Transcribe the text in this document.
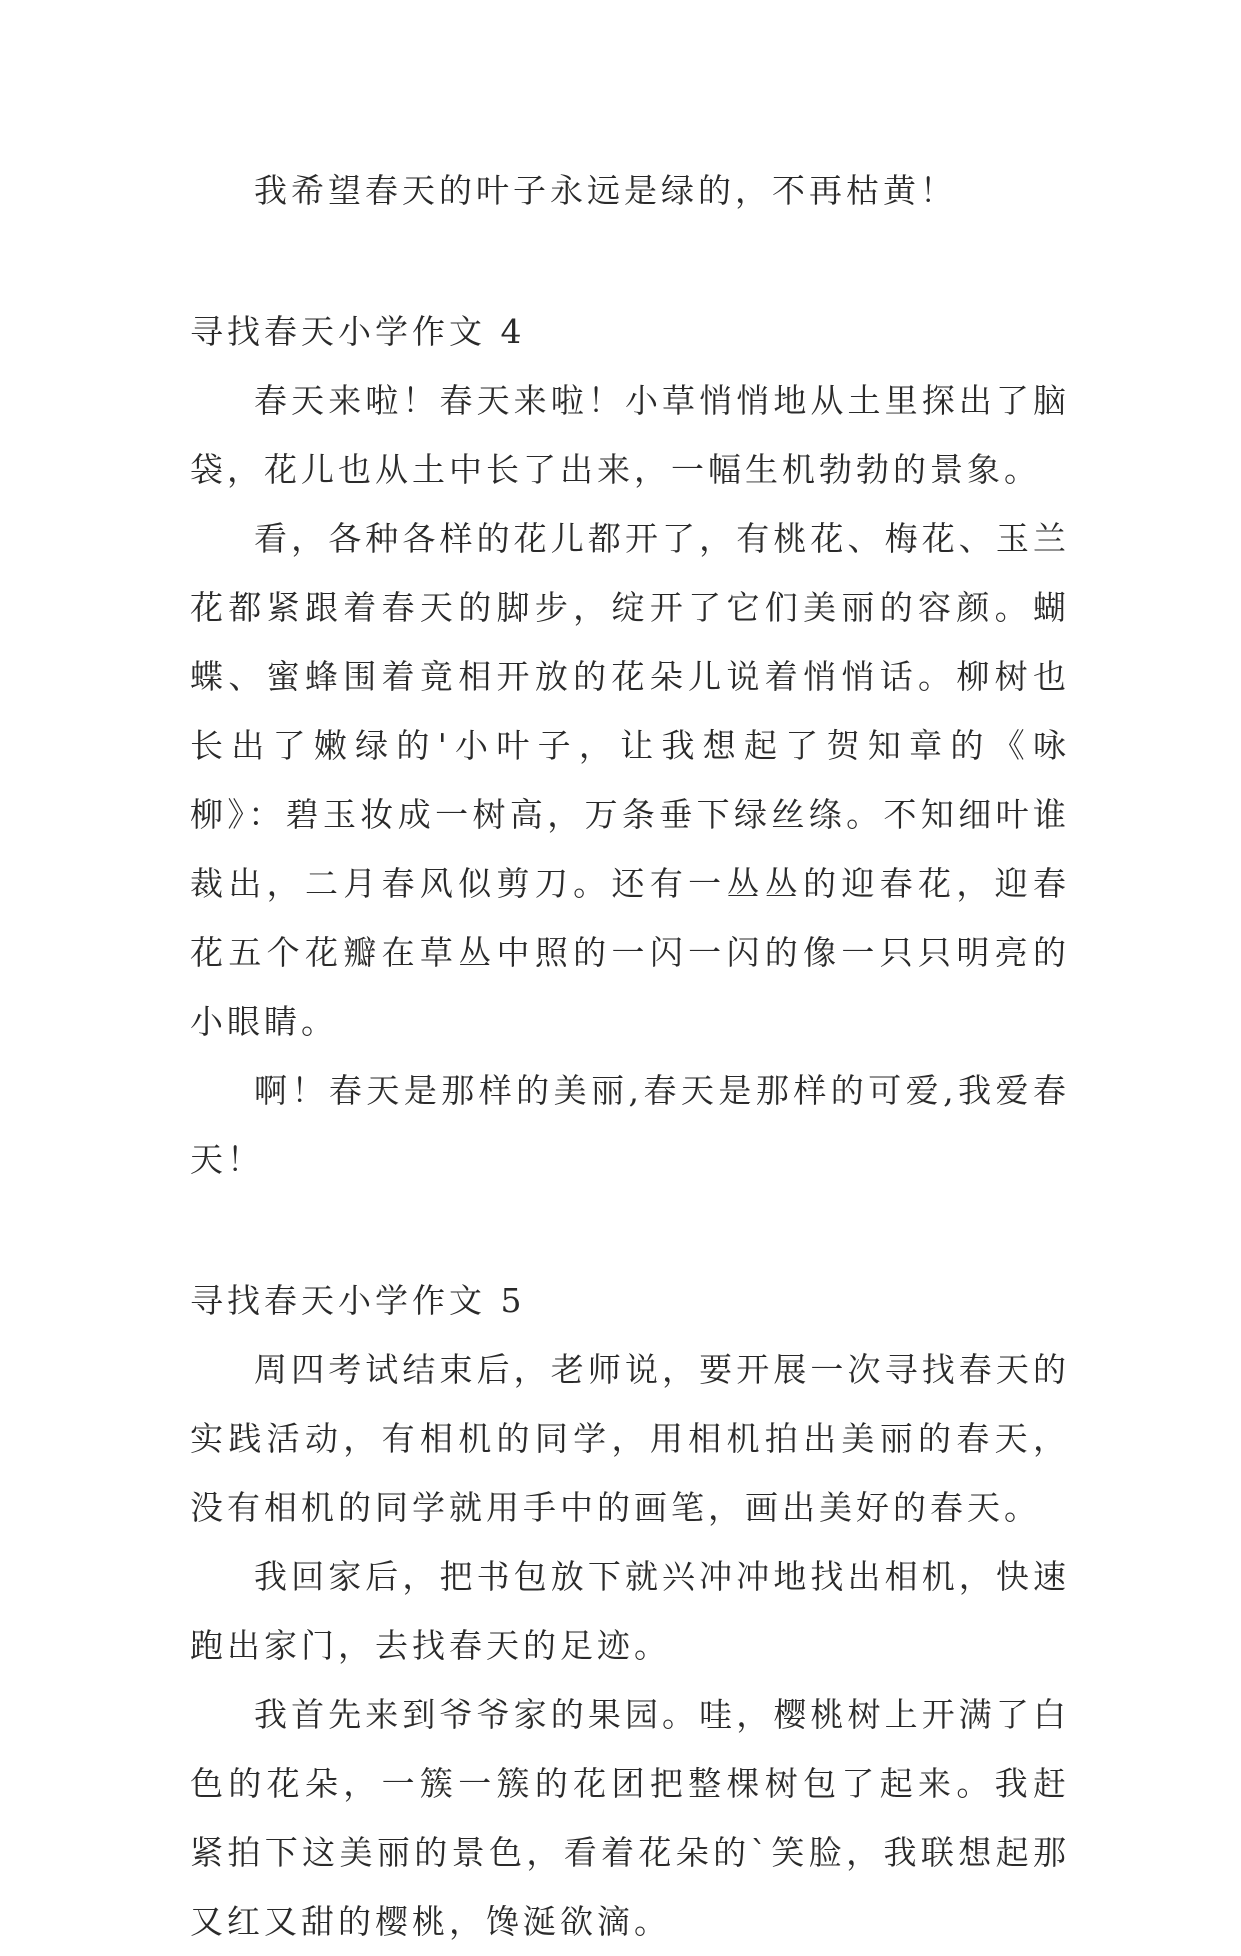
我希望春天的叶子永远是绿的，不再枯黄！

寻找春天小学作文 4

春天来啦！春天来啦！小草悄悄地从土里探出了脑袋，花儿也从土中长了出来，一幅生机勃勃的景象。

看，各种各样的花儿都开了，有桃花、梅花、玉兰花都紧跟着春天的脚步，绽开了它们美丽的容颜。蝴蝶、蜜蜂围着竟相开放的花朵儿说着悄悄话。柳树也长出了嫩绿的'小叶子，让我想起了贺知章的《咏柳》：碧玉妆成一树高，万条垂下绿丝绦。不知细叶谁裁出，二月春风似剪刀。还有一丛丛的迎春花，迎春花五个花瓣在草丛中照的一闪一闪的像一只只明亮的小眼睛。

啊！春天是那样的美丽,春天是那样的可爱,我爱春天！

寻找春天小学作文 5

周四考试结束后，老师说，要开展一次寻找春天的实践活动，有相机的同学，用相机拍出美丽的春天，没有相机的同学就用手中的画笔，画出美好的春天。

我回家后，把书包放下就兴冲冲地找出相机，快速跑出家门，去找春天的足迹。

我首先来到爷爷家的果园。哇，樱桃树上开满了白色的花朵，一簇一簇的花团把整棵树包了起来。我赶紧拍下这美丽的景色，看着花朵的`笑脸，我联想起那又红又甜的樱桃，馋涎欲滴。
